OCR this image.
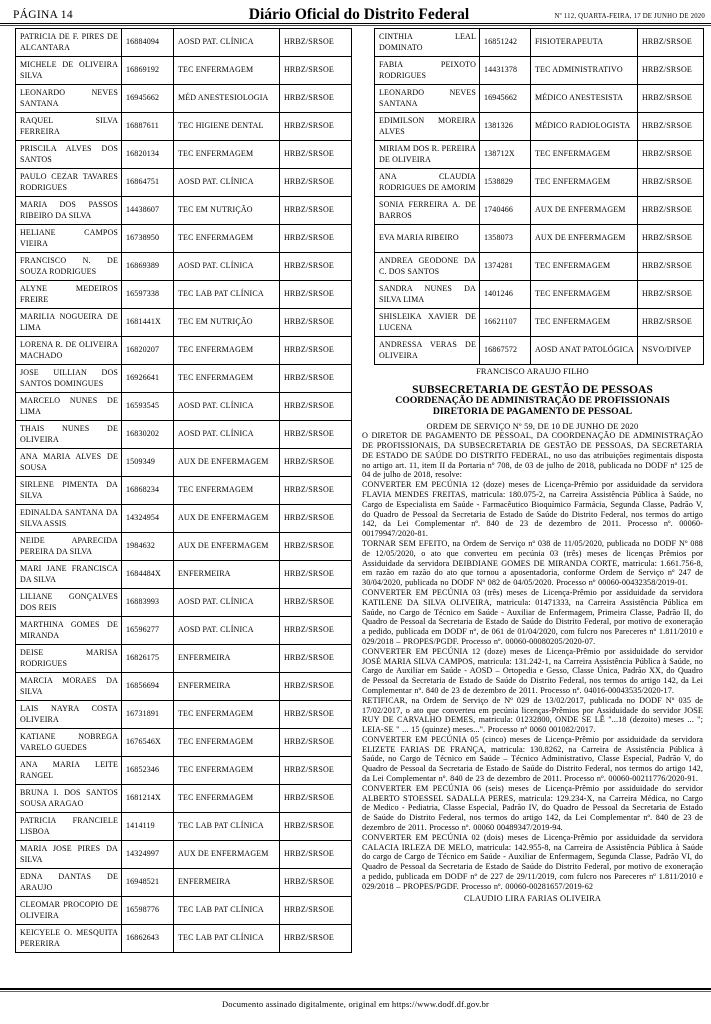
PÁGINA 14	Diário Oficial do Distrito Federal	Nº 112, QUARTA-FEIRA, 17 DE JUNHO DE 2020
PATRICIA DE F. PIRES DE ALCANTARA	16884094	AOSD PAT. CLÍNICA	HRBZ/SRSOE
MICHELE DE OLIVEIRA SILVA	16869192	TEC ENFERMAGEM	HRBZ/SRSOE
LEONARDO NEVES SANTANA	16945662	MÉD ANESTESIOLOGIA	HRBZ/SRSOE
RAQUEL SILVA FERREIRA	16887611	TEC HIGIENE DENTAL	HRBZ/SRSOE
PRISCILA ALVES DOS SANTOS	16820134	TEC ENFERMAGEM	HRBZ/SRSOE
PAULO CEZAR TAVARES RODRIGUES	16864751	AOSD PAT. CLÍNICA	HRBZ/SRSOE
MARIA DOS PASSOS RIBEIRO DA SILVA	14438607	TEC EM NUTRIÇÃO	HRBZ/SRSOE
HELIANE CAMPOS VIEIRA	16738950	TEC ENFERMAGEM	HRBZ/SRSOE
FRANCISCO N. DE SOUZA RODRIGUES	16869389	AOSD PAT. CLÍNICA	HRBZ/SRSOE
ALYNE MEDEIROS FREIRE	16597338	TEC LAB PAT CLÍNICA	HRBZ/SRSOE
MARILIA NOGUEIRA DE LIMA	1681441X	TEC EM NUTRIÇÃO	HRBZ/SRSOE
LORENA R. DE OLIVEIRA MACHADO	16820207	TEC ENFERMAGEM	HRBZ/SRSOE
JOSE UILLIAN DOS SANTOS DOMINGUES	16926641	TEC ENFERMAGEM	HRBZ/SRSOE
MARCELO NUNES DE LIMA	16593545	AOSD PAT. CLÍNICA	HRBZ/SRSOE
THAIS NUNES DE OLIVEIRA	16830202	AOSD PAT. CLÍNICA	HRBZ/SRSOE
ANA MARIA ALVES DE SOUSA	1509349	AUX DE ENFERMAGEM	HRBZ/SRSOE
SIRLENE PIMENTA DA SILVA	16868234	TEC ENFERMAGEM	HRBZ/SRSOE
EDINALDA SANTANA DA SILVA ASSIS	14324954	AUX DE ENFERMAGEM	HRBZ/SRSOE
NEIDE APARECIDA PEREIRA DA SILVA	1984632	AUX DE ENFERMAGEM	HRBZ/SRSOE
MARI JANE FRANCISCA DA SILVA	1684484X	ENFERMEIRA	HRBZ/SRSOE
LILIANE GONÇALVES DOS REIS	16883993	AOSD PAT. CLÍNICA	HRBZ/SRSOE
MARTHINA GOMES DE MIRANDA	16596277	AOSD PAT. CLÍNICA	HRBZ/SRSOE
DEISE MARISA RODRIGUES	16826175	ENFERMEIRA	HRBZ/SRSOE
MARCIA MORAES DA SILVA	16856694	ENFERMEIRA	HRBZ/SRSOE
LAIS NAYRA COSTA OLIVEIRA	16731891	TEC ENFERMAGEM	HRBZ/SRSOE
KATIANE NOBREGA VARELO GUEDES	1676546X	TEC ENFERMAGEM	HRBZ/SRSOE
ANA MARIA LEITE RANGEL	16852346	TEC ENFERMAGEM	HRBZ/SRSOE
BRUNA I. DOS SANTOS SOUSA ARAGAO	1681214X	TEC ENFERMAGEM	HRBZ/SRSOE
PATRICIA FRANCIELE LISBOA	1414119	TEC LAB PAT CLÍNICA	HRBZ/SRSOE
MARIA JOSE PIRES DA SILVA	14324997	AUX DE ENFERMAGEM	HRBZ/SRSOE
EDNA DANTAS DE ARAUJO	16948521	ENFERMEIRA	HRBZ/SRSOE
CLEOMAR PROCOPIO DE OLIVEIRA	16598776	TEC LAB PAT CLÍNICA	HRBZ/SRSOE
KEICYELE O. MESQUITA PERERIRA	16862643	TEC LAB PAT CLÍNICA	HRBZ/SRSOE
CINTHIA LEAL DOMINATO	16851242	FISIOTERAPEUTA	HRBZ/SRSOE
FABIA PEIXOTO RODRIGUES	14431378	TEC ADMINISTRATIVO	HRBZ/SRSOE
LEONARDO NEVES SANTANA	16945662	MÉDICO ANESTESISTA	HRBZ/SRSOE
EDIMILSON MOREIRA ALVES	1381326	MÉDICO RADIOLOGISTA	HRBZ/SRSOE
MIRIAM DOS R. PEREIRA DE OLIVEIRA	138712X	TEC ENFERMAGEM	HRBZ/SRSOE
ANA CLAUDIA RODRIGUES DE AMORIM	1538829	TEC ENFERMAGEM	HRBZ/SRSOE
SONIA FERREIRA A. DE BARROS	1740466	AUX DE ENFERMAGEM	HRBZ/SRSOE
EVA MARIA RIBEIRO	1358073	AUX DE ENFERMAGEM	HRBZ/SRSOE
ANDREA GEODONE DA C. DOS SANTOS	1374281	TEC ENFERMAGEM	HRBZ/SRSOE
SANDRA NUNES DA SILVA LIMA	1401246	TEC ENFERMAGEM	HRBZ/SRSOE
SHISLEIKA XAVIER DE LUCENA	16621107	TEC ENFERMAGEM	HRBZ/SRSOE
ANDRESSA VERAS DE OLIVEIRA	16867572	AOSD ANAT PATOLÓGICA	NSVO/DIVEP
FRANCISCO ARAUJO FILHO
SUBSECRETARIA DE GESTÃO DE PESSOAS
COORDENAÇÃO DE ADMINISTRAÇÃO DE PROFISSIONAIS
DIRETORIA DE PAGAMENTO DE PESSOAL
ORDEM DE SERVIÇO Nº 59, DE 10 DE JUNHO DE 2020

O DIRETOR DE PAGAMENTO DE PESSOAL, DA COORDENAÇÃO DE ADMINISTRAÇÃO DE PROFISSIONAIS, DA SUBSECRETARIA DE GESTÃO DE PESSOAS, DA SECRETARIA DE ESTADO DE SAÚDE DO DISTRITO FEDERAL, no uso das atribuições regimentais disposta no artigo art. 11, item II da Portaria nº 708, de 03 de julho de 2018, publicada no DODF nº 125 de 04 de julho de 2018, resolve:

CONVERTER EM PECÚNIA 12 (doze) meses de Licença-Prêmio por assiduidade da servidora FLAVIA MENDES FREITAS, matricula: 180.075-2, na Carreira Assistência Pública à Saúde, no Cargo de Especialista em Saúde - Farmacêutico Bioquímico Farmácia, Segunda Classe, Padrão V, do Quadro de Pessoal da Secretaria de Estado de Saúde do Distrito Federal, nos termos do artigo 142, da Lei Complementar nº. 840 de 23 de dezembro de 2011. Processo nº. 00060-00179947/2020-81.

TORNAR SEM EFEITO, na Ordem de Serviço nº 038 de 11/05/2020, publicada no DODF Nº 088 de 12/05/2020, o ato que converteu em pecúnia 03 (três) meses de licenças Prêmios por Assiduidade da servidora DEIBDIANE GOMES DE MIRANDA CORTE, matricula: 1.661.756-8, em razão em razão do ato que tornou a aposentadoria, conforme Ordem de Serviço nº 247 de 30/04/2020, publicada no DODF Nº 082 de 04/05/2020. Processo nº 00060-00432358/2019-01.

CONVERTER EM PECÚNIA 03 (três) meses de Licença-Prêmio por assiduidade da servidora KATILENE DA SILVA OLIVEIRA, matricula: 01471333, na Carreira Assistência Pública em Saúde, no Cargo de Técnico em Saúde - Auxiliar de Enfermagem, Primeira Classe, Padrão II, do Quadro de Pessoal da Secretaria de Estado de Saúde do Distrito Federal, por motivo de exoneração a pedido, publicada em DODF nº, de 061 de 01/04/2020, com fulcro nos Pareceres nº 1.811/2010 e 029/2018 – PROPES/PGDF. Processo nº. 00060-00080205/2020-07.

CONVERTER EM PECÚNIA 12 (doze) meses de Licença-Prêmio por assiduidade do servidor JOSÉ MARIA SILVA CAMPOS, matricula: 131.242-1, na Carreira Assistência Pública à Saúde, no Cargo de Auxiliar em Saúde - AOSD – Ortopedia e Gesso, Classe Única, Padrão XX, do Quadro de Pessoal da Secretaria de Estado de Saúde do Distrito Federal, nos termos do artigo 142, da Lei Complementar nº. 840 de 23 de dezembro de 2011. Processo nº. 04016-00043535/2020-17.

RETIFICAR, na Ordem de Serviço de Nº 029 de 13/02/2017, publicada no DODF Nº 035 de 17/02/2017, o ato que converteu em pecúnia licenças-Prêmios por Assiduidade do servidor JOSE RUY DE CARVALHO DEMES, matricula: 01232800, ONDE SE LÊ "...18 (dezoito) meses ... "; LEIA-SE " ... 15 (quinze) meses...". Processo nº 0060 001082/2017.

CONVERTER EM PECÚNIA 05 (cinco) meses de Licença-Prêmio por assiduidade da servidora ELIZETE FARIAS DE FRANÇA, matricula: 130.8262, na Carreira de Assistência Pública à Saúde, no Cargo de Técnico em Saúde – Técnico Administrativo, Classe Especial, Padrão V, do Quadro de Pessoal da Secretaria de Estado de Saúde do Distrito Federal, nos termos do artigo 142, da Lei Complementar nº. 840 de 23 de dezembro de 2011. Processo nº. 00060-00211776/2020-91.

CONVERTER EM PECÚNIA 06 (seis) meses de Licença-Prêmio por assiduidade do servidor ALBERTO STOESSEL SADALLA PERES, matricula: 129.234-X, na Carreira Médica, no Cargo de Medico - Pediatria, Classe Especial, Padrão IV, do Quadro de Pessoal da Secretaria de Estado de Saúde do Distrito Federal, nos termos do artigo 142, da Lei Complementar nº. 840 de 23 de dezembro de 2011. Processo nº. 00060 00489347/2019-94.

CONVERTER EM PECÚNIA 02 (dois) meses de Licença-Prêmio por assiduidade da servidora CALACIA IRLEZA DE MELO, matricula: 142.955-8, na Carreira de Assistência Pública à Saúde do cargo de Cargo de Técnico em Saúde - Auxiliar de Enfermagem, Segunda Classe, Padrão VI, do Quadro de Pessoal da Secretaria de Estado de Saúde do Distrito Federal, por motivo de exoneração a pedido, publicada em DODF nº de 227 de 29/11/2019, com fulcro nos Pareceres nº 1.811/2010 e 029/2018 – PROPES/PGDF. Processo nº. 00060-00281657/2019-62

CLAUDIO LIRA FARIAS OLIVEIRA
Documento assinado digitalmente, original em https://www.dodf.df.gov.br
